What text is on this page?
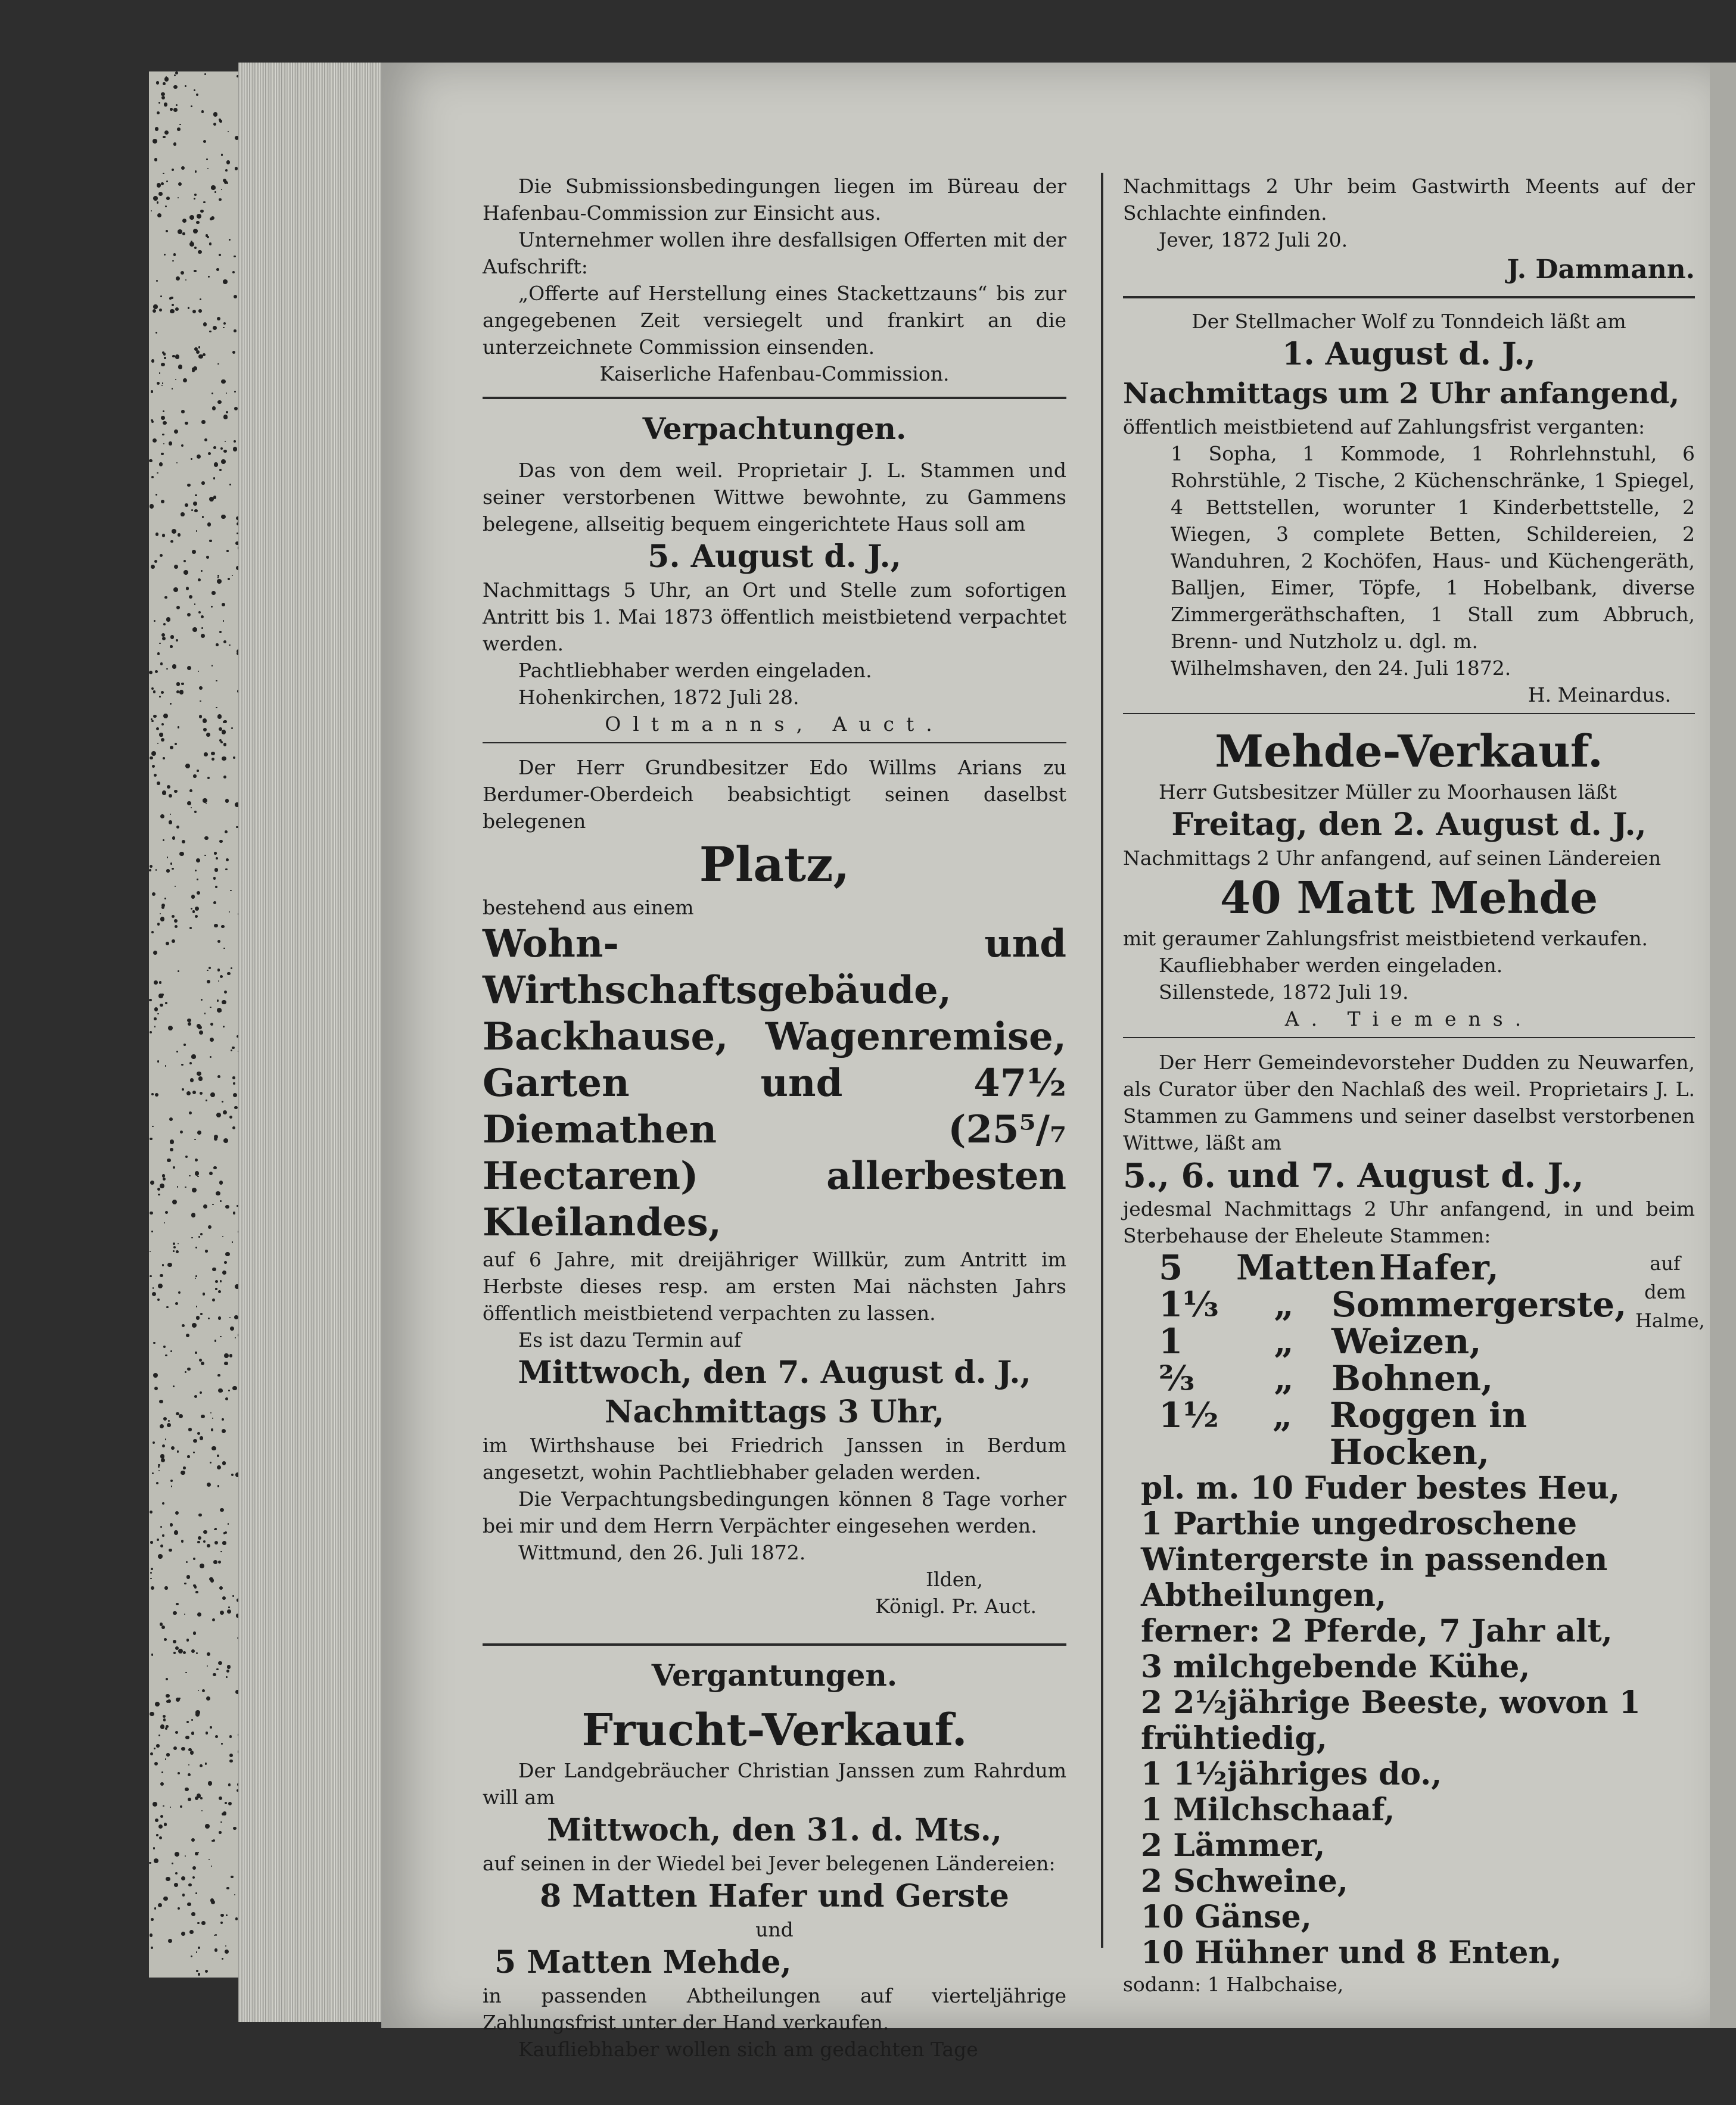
Die Submissionsbedingungen liegen im Büreau der Hafenbau-Commission zur Einsicht aus.

Unternehmer wollen ihre desfallsigen Offerten mit der Aufschrift:

„Offerte auf Herstellung eines Stackettzauns“ bis zur angegebenen Zeit versiegelt und frankirt an die unterzeichnete Commission einsenden.

Kaiserliche Hafenbau-Commission.

Verpachtungen.

Das von dem weil. Proprietair J. L. Stammen und seiner verstorbenen Wittwe bewohnte, zu Gammens belegene, allseitig bequem eingerichtete Haus soll am

5. August d. J.,

Nachmittags 5 Uhr, an Ort und Stelle zum sofortigen Antritt bis 1. Mai 1873 öffentlich meistbietend verpachtet werden.

Pachtliebhaber werden eingeladen.

Hohenkirchen, 1872 Juli 28.

Oltmanns, Auct.

Der Herr Grundbesitzer Edo Willms Arians zu Berdumer-Oberdeich beabsichtigt seinen daselbst belegenen

Platz,

bestehend aus einem

Wohn- und Wirthschaftsgebäude, Backhause, Wagenremise, Garten und 47½ Diemathen (25⁵/₇ Hectaren) allerbesten Kleilandes,

auf 6 Jahre, mit dreijähriger Willkür, zum Antritt im Herbste dieses resp. am ersten Mai nächsten Jahrs öffentlich meistbietend verpachten zu lassen.

Es ist dazu Termin auf

Mittwoch, den 7. August d. J.,
Nachmittags 3 Uhr,

im Wirthshause bei Friedrich Janssen in Berdum angesetzt, wohin Pachtliebhaber geladen werden.

Die Verpachtungsbedingungen können 8 Tage vorher bei mir und dem Herrn Verpächter eingesehen werden.

Wittmund, den 26. Juli 1872.

Ilden,

Königl. Pr. Auct.

Vergantungen.
Frucht-Verkauf.

Der Landgebräucher Christian Janssen zum Rahrdum will am

Mittwoch, den 31. d. Mts.,

auf seinen in der Wiedel bei Jever belegenen Ländereien:

8 Matten Hafer und Gerste

und

5 Matten Mehde,

in passenden Abtheilungen auf vierteljährige Zahlungsfrist unter der Hand verkaufen.

Kaufliebhaber wollen sich am gedachten Tage

Nachmittags 2 Uhr beim Gastwirth Meents auf der Schlachte einfinden.

Jever, 1872 Juli 20.

J. Dammann.

Der Stellmacher Wolf zu Tonndeich läßt am

1. August d. J.,
Nachmittags um 2 Uhr anfangend,

öffentlich meistbietend auf Zahlungsfrist verganten:

1 Sopha, 1 Kommode, 1 Rohrlehnstuhl, 6 Rohrstühle, 2 Tische, 2 Küchenschränke, 1 Spiegel, 4 Bettstellen, worunter 1 Kinderbettstelle, 2 Wiegen, 3 complete Betten, Schildereien, 2 Wanduhren, 2 Kochöfen, Haus- und Küchengeräth, Balljen, Eimer, Töpfe, 1 Hobelbank, diverse Zimmergeräthschaften, 1 Stall zum Abbruch, Brenn- und Nutzholz u. dgl. m.

Wilhelmshaven, den 24. Juli 1872.

H. Meinardus.

Mehde-Verkauf.

Herr Gutsbesitzer Müller zu Moorhausen läßt

Freitag, den 2. August d. J.,

Nachmittags 2 Uhr anfangend, auf seinen Ländereien

40 Matt Mehde

mit geraumer Zahlungsfrist meistbietend verkaufen.

Kaufliebhaber werden eingeladen.

Sillenstede, 1872 Juli 19.

A. Tiemens.

Der Herr Gemeindevorsteher Dudden zu Neuwarfen, als Curator über den Nachlaß des weil. Proprietairs J. L. Stammen zu Gammens und seiner daselbst verstorbenen Wittwe, läßt am

5., 6. und 7. August d. J.,

jedesmal Nachmittags 2 Uhr anfangend, in und beim Sterbehause der Eheleute Stammen:

5	Matten Hafer,
1⅓	„	Sommergerste,
1	„	Weizen,
⅔	„	Bohnen,
1½	„	Roggen in Hocken,
auf dem Halme,
pl. m. 10 Fuder bestes Heu,
1 Parthie ungedroschene Wintergerste in passenden Abtheilungen,
ferner: 2 Pferde, 7 Jahr alt,
3 milchgebende Kühe,
2 2½jährige Beeste, wovon 1 frühtiedig,
1 1½jähriges do.,
1 Milchschaaf,
2 Lämmer,
2 Schweine,
10 Gänse,
10 Hühner und 8 Enten,

sodann: 1 Halbchaise,
